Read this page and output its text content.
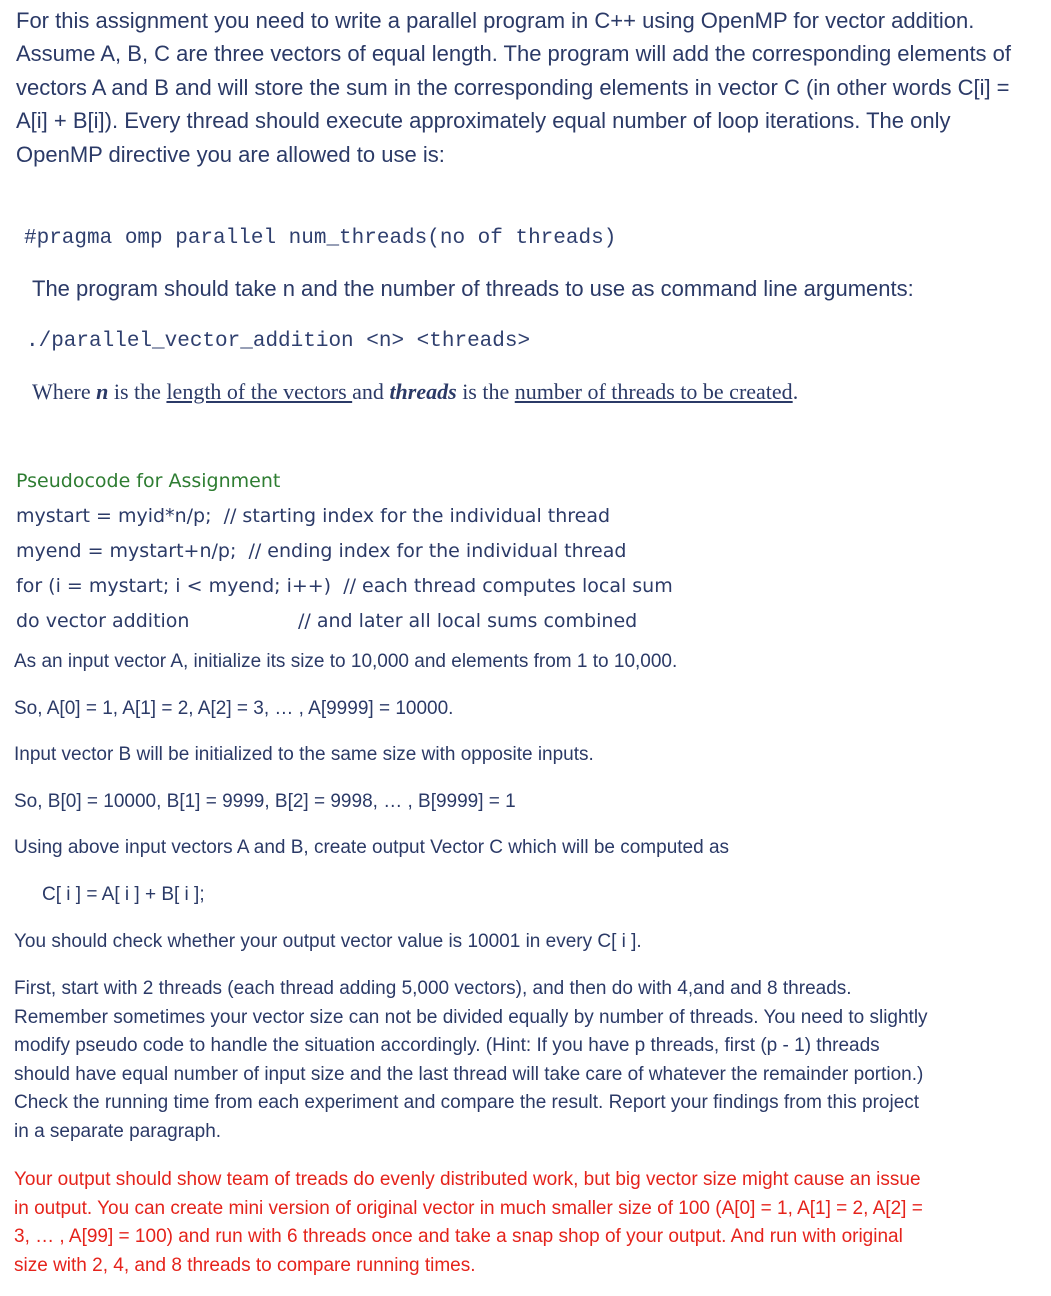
For this assignment you need to write a parallel program in C++ using OpenMP for vector addition. Assume A, B, C are three vectors of equal length. The program will add the corresponding elements of vectors A and B and will store the sum in the corresponding elements in vector C (in other words C[i] = A[i] + B[i]). Every thread should execute approximately equal number of loop iterations. The only OpenMP directive you are allowed to use is:

#pragma omp parallel num_threads(no of threads)

The program should take n and the number of threads to use as command line arguments:

./parallel_vector_addition <n> <threads>
Where n is the length of the vectors and threads is the number of threads to be created.
Pseudocode for Assignment
mystart = myid*n/p;  // starting index for the individual thread
myend = mystart+n/p;  // ending index for the individual thread
for (i = mystart; i < myend; i++)  // each thread computes local sum
do vector addition	// and later all local sums combined

As an input vector A, initialize its size to 10,000 and elements from 1 to 10,000.

So, A[0] = 1, A[1] = 2, A[2] = 3, … , A[9999] = 10000.

Input vector B will be initialized to the same size with opposite inputs.

So, B[0] = 10000, B[1] = 9999, B[2] = 9998, … , B[9999] = 1

Using above input vectors A and B, create output Vector C which will be computed as

C[ i ] = A[ i ] + B[ i ];

You should check whether your output vector value is 10001 in every C[ i ].

First, start with 2 threads (each thread adding 5,000 vectors), and then do with 4,and and 8 threads. Remember sometimes your vector size can not be divided equally by number of threads. You need to slightly modify pseudo code to handle the situation accordingly. (Hint: If you have p threads, first (p - 1) threads should have equal number of input size and the last thread will take care of whatever the remainder portion.) Check the running time from each experiment and compare the result. Report your findings from this project in a separate paragraph.

Your output should show team of treads do evenly distributed work, but big vector size might cause an issue in output. You can create mini version of original vector in much smaller size of 100 (A[0] = 1, A[1] = 2, A[2] = 3, … , A[99] = 100) and run with 6 threads once and take a snap shop of your output. And run with original size with 2, 4, and 8 threads to compare running times.
